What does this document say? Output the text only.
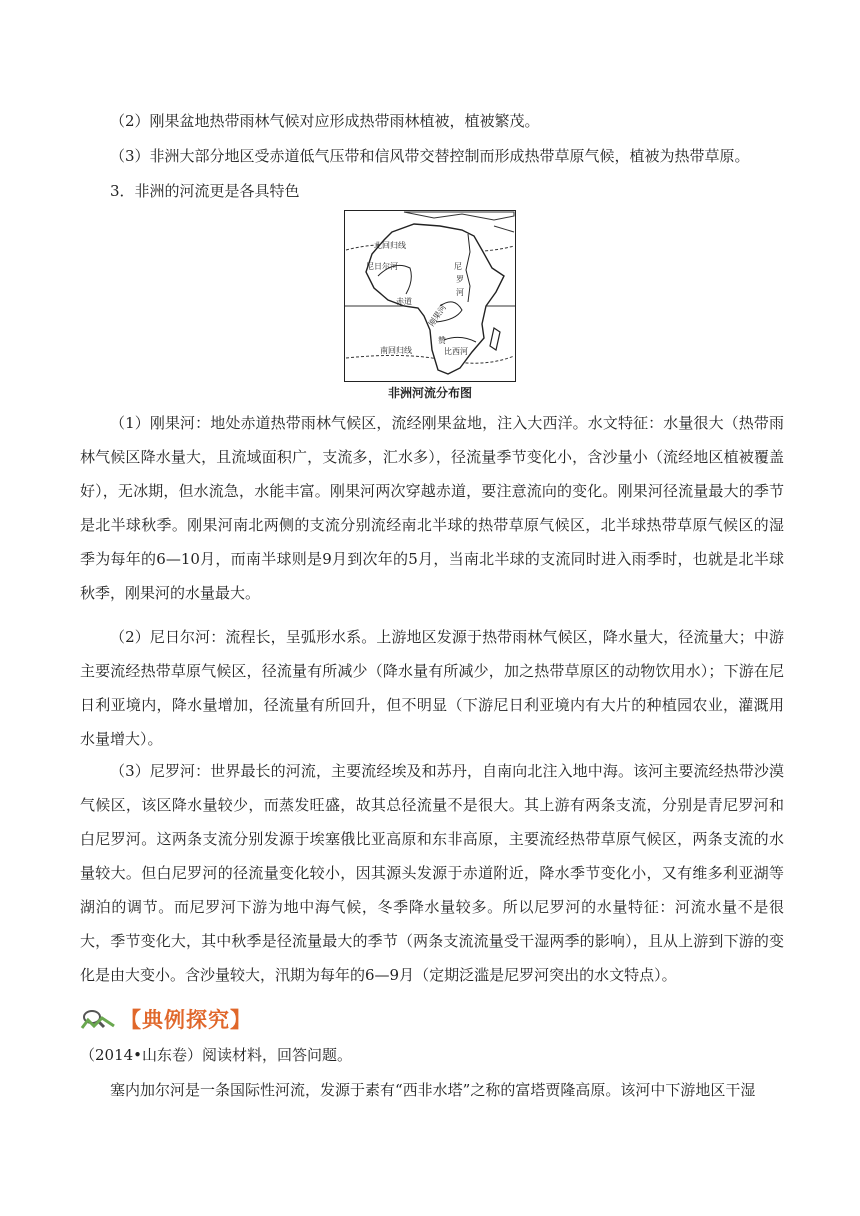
（2）刚果盆地热带雨林气候对应形成热带雨林植被，植被繁茂。

（3）非洲大部分地区受赤道低气压带和信风带交替控制而形成热带草原气候，植被为热带草原。

3．非洲的河流更是各具特色

北回归线
尼日尔河
赤道
尼
罗
河
刚果河
南回归线
赞
比西河
非洲河流分布图

（1）刚果河：地处赤道热带雨林气候区，流经刚果盆地，注入大西洋。水文特征：水量很大（热带雨林气候区降水量大，且流域面积广，支流多，汇水多），径流量季节变化小，含沙量小（流经地区植被覆盖好），无冰期，但水流急，水能丰富。刚果河两次穿越赤道，要注意流向的变化。刚果河径流量最大的季节是北半球秋季。刚果河南北两侧的支流分别流经南北半球的热带草原气候区，北半球热带草原气候区的湿季为每年的6—10月，而南半球则是9月到次年的5月，当南北半球的支流同时进入雨季时，也就是北半球秋季，刚果河的水量最大。

（2）尼日尔河：流程长，呈弧形水系。上游地区发源于热带雨林气候区，降水量大，径流量大；中游主要流经热带草原气候区，径流量有所减少（降水量有所减少，加之热带草原区的动物饮用水）；下游在尼日利亚境内，降水量增加，径流量有所回升，但不明显（下游尼日利亚境内有大片的种植园农业，灌溉用水量增大）。

（3）尼罗河：世界最长的河流，主要流经埃及和苏丹，自南向北注入地中海。该河主要流经热带沙漠气候区，该区降水量较少，而蒸发旺盛，故其总径流量不是很大。其上游有两条支流，分别是青尼罗河和白尼罗河。这两条支流分别发源于埃塞俄比亚高原和东非高原，主要流经热带草原气候区，两条支流的水量较大。但白尼罗河的径流量变化较小，因其源头发源于赤道附近，降水季节变化小，又有维多利亚湖等湖泊的调节。而尼罗河下游为地中海气候，冬季降水量较多。所以尼罗河的水量特征：河流水量不是很大，季节变化大，其中秋季是径流量最大的季节（两条支流流量受干湿两季的影响），且从上游到下游的变化是由大变小。含沙量较大，汛期为每年的6—9月（定期泛滥是尼罗河突出的水文特点）。

【典例探究】

（2014•山东卷）阅读材料，回答问题。

塞内加尔河是一条国际性河流，发源于素有“西非水塔”之称的富塔贾隆高原。该河中下游地区干湿
